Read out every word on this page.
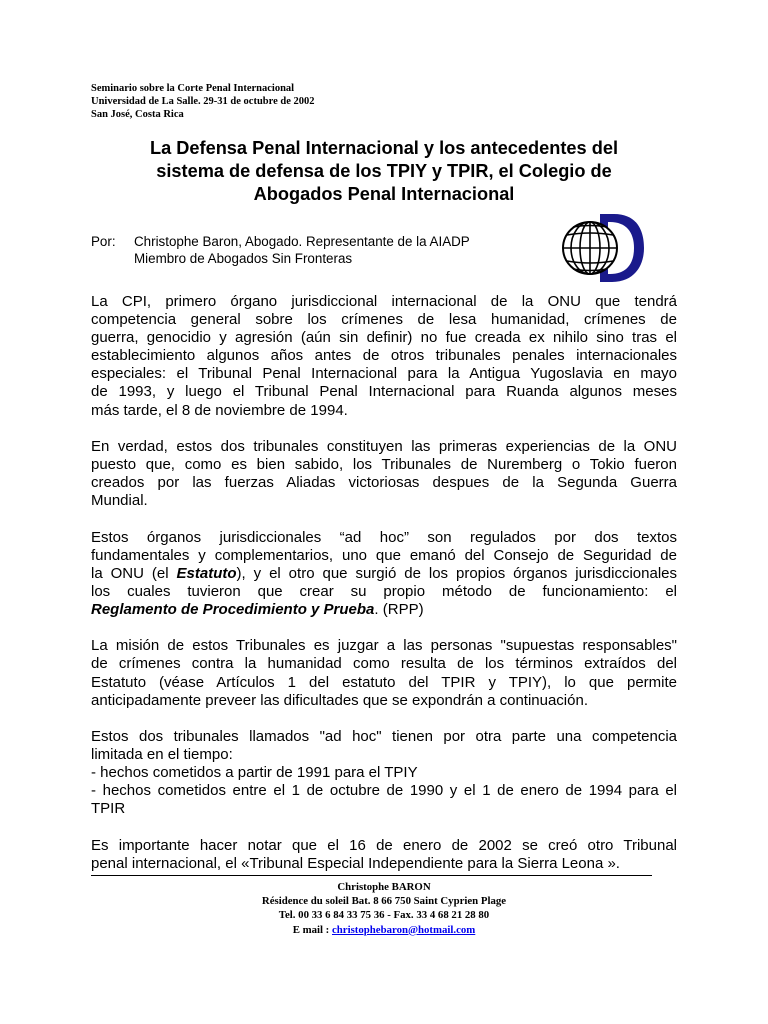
Seminario sobre la Corte Penal Internacional
Universidad de La Salle. 29-31 de octubre de 2002
San José, Costa Rica
La Defensa Penal Internacional y los antecedentes del
sistema de defensa de los TPIY y TPIR, el Colegio de
Abogados Penal Internacional
Por:	Christophe Baron, Abogado. Representante de la AIADP
Miembro de Abogados Sin Fronteras
La CPI, primero órgano jurisdiccional internacional de la ONU que tendrá
competencia general sobre los crímenes de lesa humanidad, crímenes de
guerra, genocidio y agresión (aún sin definir) no fue creada ex nihilo sino tras el
establecimiento algunos años antes de otros tribunales penales internacionales
especiales: el Tribunal Penal Internacional para la Antigua Yugoslavia en mayo
de 1993, y luego el Tribunal Penal Internacional para Ruanda algunos meses
más tarde, el 8 de noviembre de 1994.
En verdad, estos dos tribunales constituyen las primeras experiencias de la ONU
puesto que, como es bien sabido, los Tribunales de Nuremberg o Tokio fueron
creados por las fuerzas Aliadas victoriosas despues de la Segunda Guerra
Mundial.
Estos órganos jurisdiccionales “ad hoc” son regulados por dos textos
fundamentales y complementarios, uno que emanó del Consejo de Seguridad de
la ONU (el Estatuto), y el otro que surgió de los propios órganos jurisdiccionales
los cuales tuvieron que crear su propio método de funcionamiento: el
Reglamento de Procedimiento y Prueba. (RPP)
La misión de estos Tribunales es juzgar a las personas "supuestas responsables"
de crímenes contra la humanidad como resulta de los términos extraídos del
Estatuto (véase Artículos 1 del estatuto del TPIR y TPIY), lo que permite
anticipadamente preveer las dificultades que se expondrán a continuación.
Estos dos tribunales llamados "ad hoc" tienen por otra parte una competencia
limitada en el tiempo:
- hechos cometidos a partir de 1991 para el TPIY
- hechos cometidos entre el 1 de octubre de 1990 y el 1 de enero de 1994 para el
TPIR
Es importante hacer notar que el 16 de enero de 2002 se creó otro Tribunal
penal internacional, el «Tribunal Especial Independiente para la Sierra Leona ».
Christophe BARON
Résidence du soleil Bat. 8 66 750 Saint Cyprien Plage
Tel. 00 33 6 84 33 75 36 - Fax. 33 4 68 21 28 80
E mail : christophebaron@hotmail.com
